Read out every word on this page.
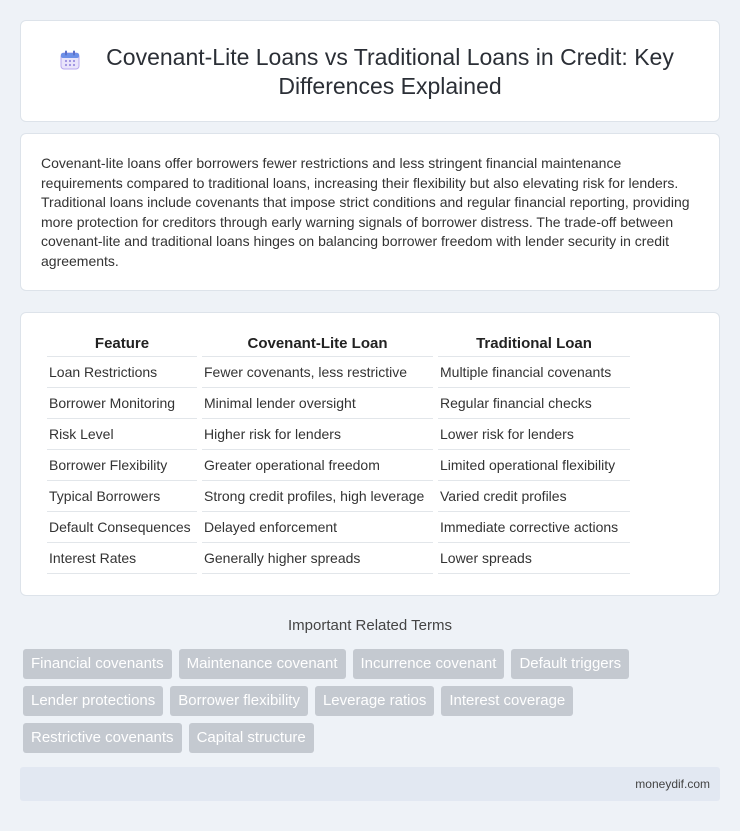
Covenant-Lite Loans vs Traditional Loans in Credit: Key Differences Explained

Covenant-lite loans offer borrowers fewer restrictions and less stringent financial maintenance requirements compared to traditional loans, increasing their flexibility but also elevating risk for lenders. Traditional loans include covenants that impose strict conditions and regular financial reporting, providing more protection for creditors through early warning signals of borrower distress. The trade-off between covenant-lite and traditional loans hinges on balancing borrower freedom with lender security in credit agreements.

Feature	Covenant-Lite Loan	Traditional Loan
Loan Restrictions	Fewer covenants, less restrictive	Multiple financial covenants
Borrower Monitoring	Minimal lender oversight	Regular financial checks
Risk Level	Higher risk for lenders	Lower risk for lenders
Borrower Flexibility	Greater operational freedom	Limited operational flexibility
Typical Borrowers	Strong credit profiles, high leverage	Varied credit profiles
Default Consequences	Delayed enforcement	Immediate corrective actions
Interest Rates	Generally higher spreads	Lower spreads
Important Related Terms
Financial covenants	Maintenance covenant	Incurrence covenant	Default triggers
Lender protections	Borrower flexibility	Leverage ratios	Interest coverage
Restrictive covenants	Capital structure
moneydif.com
